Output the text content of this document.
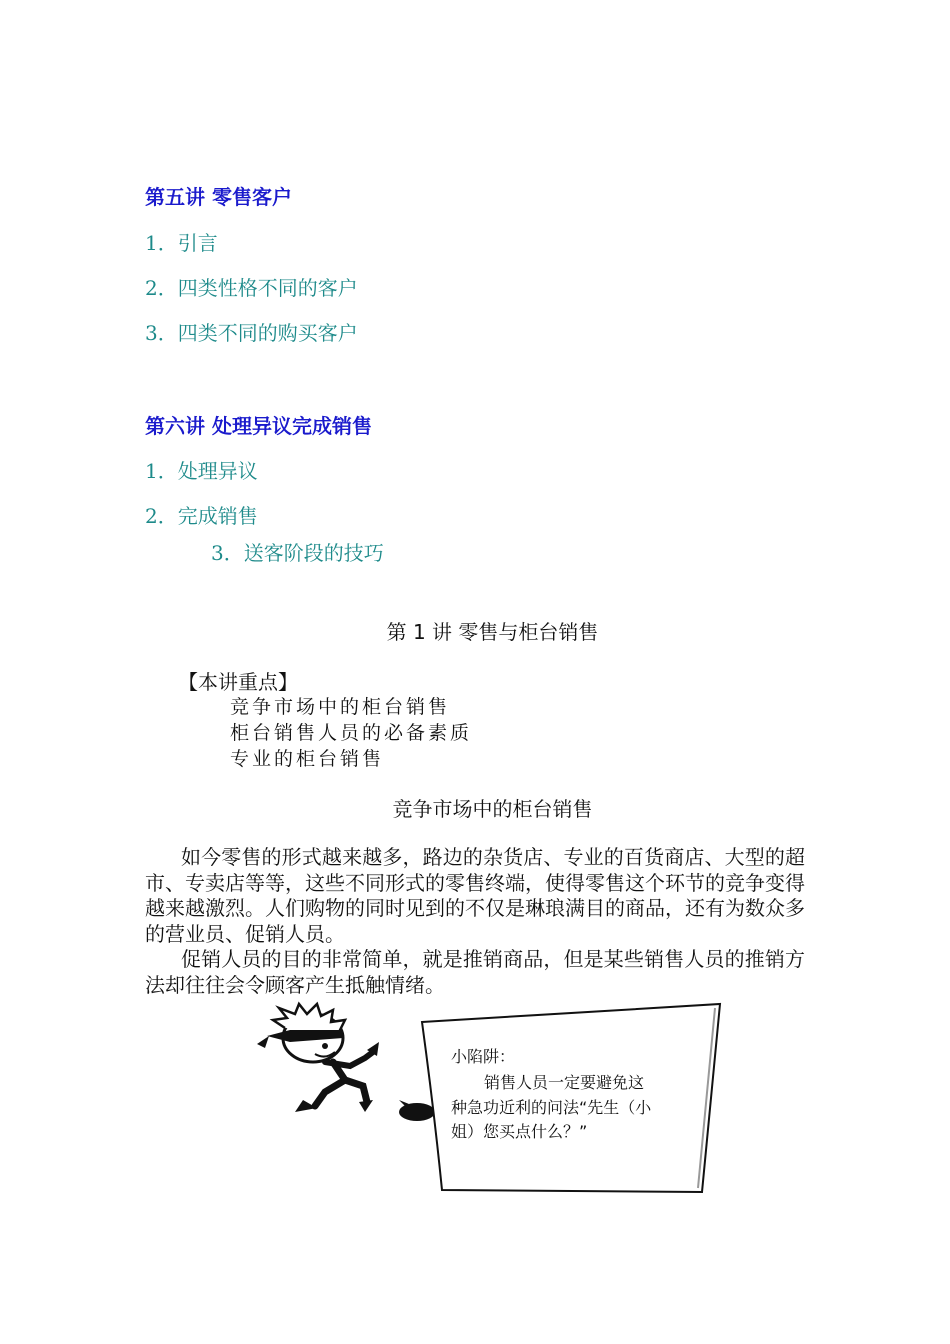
第五讲 零售客户
1．引言
2．四类性格不同的客户
3．四类不同的购买客户
第六讲 处理异议完成销售
1．处理异议
2．完成销售
3．送客阶段的技巧
第 1 讲 零售与柜台销售
【本讲重点】
竞争市场中的柜台销售
柜台销售人员的必备素质
专业的柜台销售
竞争市场中的柜台销售
如今零售的形式越来越多，路边的杂货店、专业的百货商店、大型的超市、专卖店等等，这些不同形式的零售终端，使得零售这个环节的竞争变得越来越激烈。人们购物的同时见到的不仅是琳琅满目的商品，还有为数众多的营业员、促销人员。
促销人员的目的非常简单，就是推销商品，但是某些销售人员的推销方法却往往会令顾客产生抵触情绪。
小陷阱：
销售人员一定要避免这
种急功近利的问法“先生（小
姐）您买点什么？”
